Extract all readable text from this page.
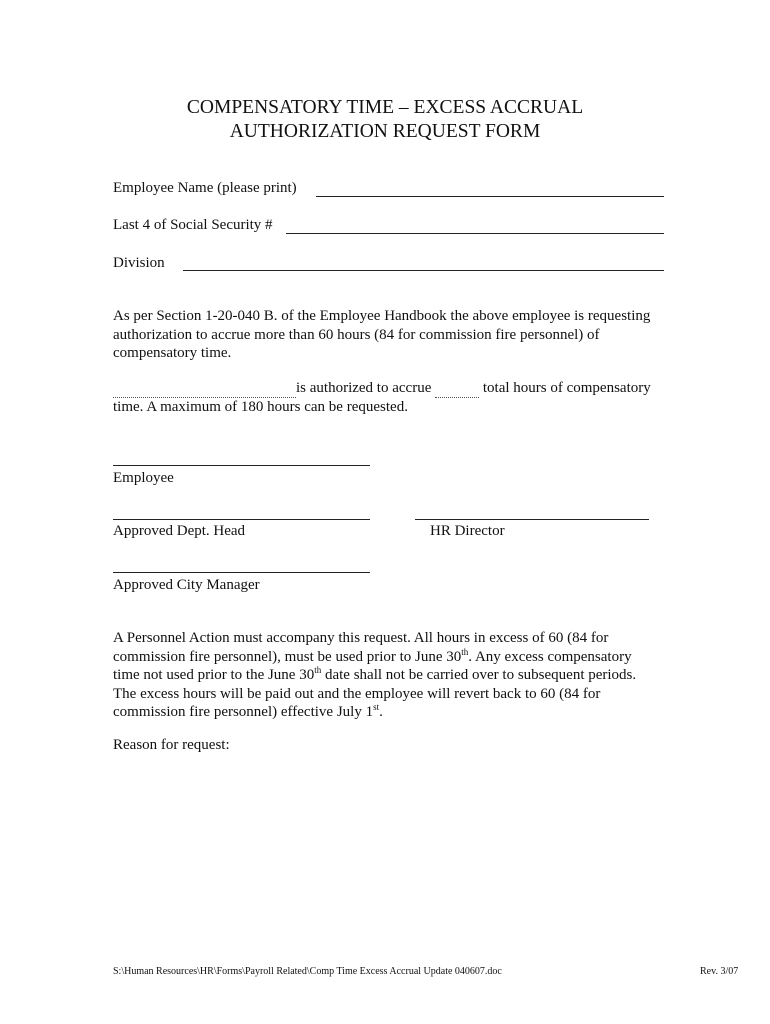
COMPENSATORY TIME – EXCESS ACCRUAL
AUTHORIZATION REQUEST FORM
Employee Name (please print)
Last 4 of Social Security #
Division
As per Section 1-20-040 B. of the Employee Handbook the above employee is requesting
authorization to accrue more than 60 hours (84 for commission fire personnel) of
compensatory time.
is authorized to accrue	total hours of compensatory
time. A maximum of 180 hours can be requested.
Employee
Approved Dept. Head	HR Director
Approved City Manager
A Personnel Action must accompany this request. All hours in excess of 60 (84 for
commission fire personnel), must be used prior to June 30th. Any excess compensatory
time not used prior to the June 30th date shall not be carried over to subsequent periods.
The excess hours will be paid out and the employee will revert back to 60 (84 for
commission fire personnel) effective July 1st.
Reason for request:
S:\Human Resources\HR\Forms\Payroll Related\Comp Time Excess Accrual Update 040607.doc	Rev. 3/07
